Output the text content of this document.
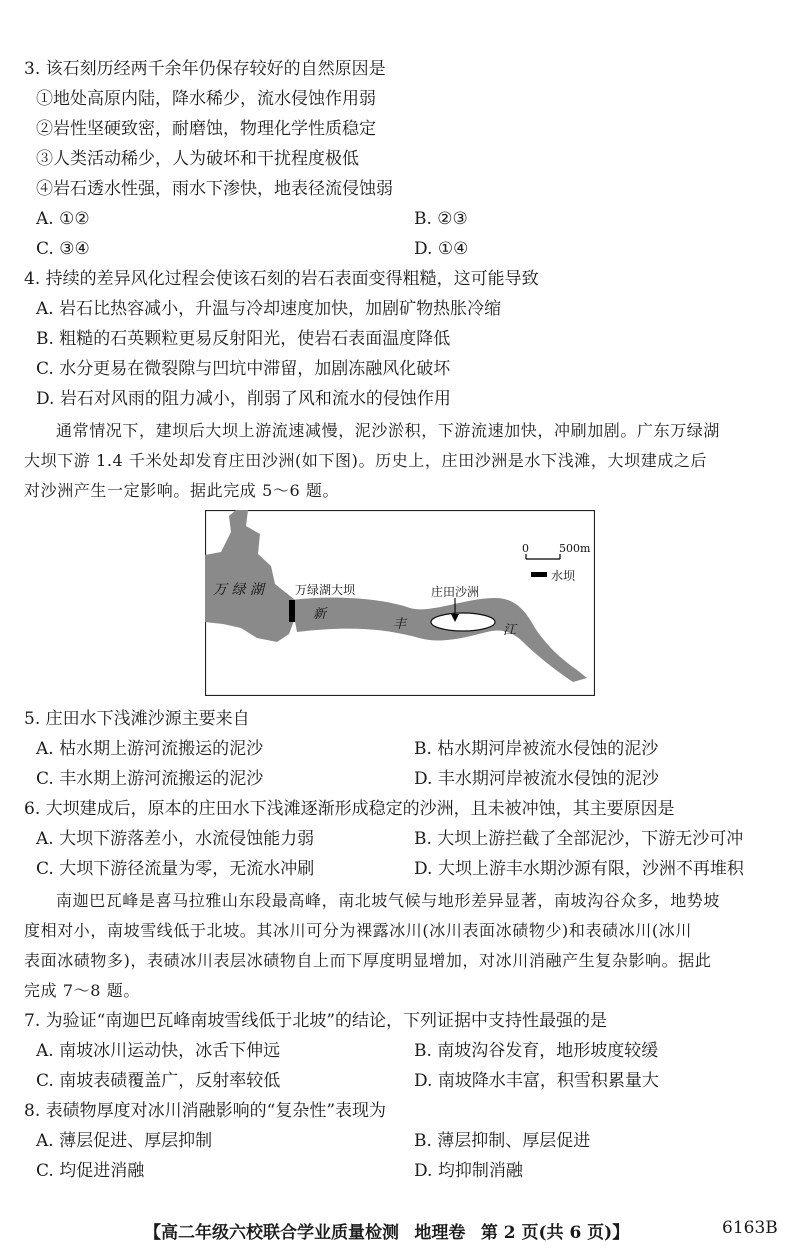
3. 该石刻历经两千余年仍保存较好的自然原因是
①地处高原内陆，降水稀少，流水侵蚀作用弱
②岩性坚硬致密，耐磨蚀，物理化学性质稳定
③人类活动稀少，人为破坏和干扰程度极低
④岩石透水性强，雨水下渗快，地表径流侵蚀弱
A. ①②	B. ②③
C. ③④	D. ①④
4. 持续的差异风化过程会使该石刻的岩石表面变得粗糙，这可能导致
A. 岩石比热容减小，升温与冷却速度加快，加剧矿物热胀冷缩
B. 粗糙的石英颗粒更易反射阳光，使岩石表面温度降低
C. 水分更易在微裂隙与凹坑中滞留，加剧冻融风化破坏
D. 岩石对风雨的阻力减小，削弱了风和流水的侵蚀作用
通常情况下，建坝后大坝上游流速减慢，泥沙淤积，下游流速加快，冲刷加剧。广东万绿湖
大坝下游 1.4 千米处却发育庄田沙洲(如下图)。历史上，庄田沙洲是水下浅滩，大坝建成之后
对沙洲产生一定影响。据此完成 5～6 题。
万 绿 湖	万绿湖大坝	庄田沙洲
新
丰	江
0	500m
水坝
5. 庄田水下浅滩沙源主要来自
A. 枯水期上游河流搬运的泥沙	B. 枯水期河岸被流水侵蚀的泥沙
C. 丰水期上游河流搬运的泥沙	D. 丰水期河岸被流水侵蚀的泥沙
6. 大坝建成后，原本的庄田水下浅滩逐渐形成稳定的沙洲，且未被冲蚀，其主要原因是
A. 大坝下游落差小，水流侵蚀能力弱	B. 大坝上游拦截了全部泥沙，下游无沙可冲
C. 大坝下游径流量为零，无流水冲刷	D. 大坝上游丰水期沙源有限，沙洲不再堆积
南迦巴瓦峰是喜马拉雅山东段最高峰，南北坡气候与地形差异显著，南坡沟谷众多，地势坡
度相对小，南坡雪线低于北坡。其冰川可分为裸露冰川(冰川表面冰碛物少)和表碛冰川(冰川
表面冰碛物多)，表碛冰川表层冰碛物自上而下厚度明显增加，对冰川消融产生复杂影响。据此
完成 7～8 题。
7. 为验证“南迦巴瓦峰南坡雪线低于北坡”的结论，下列证据中支持性最强的是
A. 南坡冰川运动快，冰舌下伸远	B. 南坡沟谷发育，地形坡度较缓
C. 南坡表碛覆盖广，反射率较低	D. 南坡降水丰富，积雪积累量大
8. 表碛物厚度对冰川消融影响的“复杂性”表现为
A. 薄层促进、厚层抑制	B. 薄层抑制、厚层促进
C. 均促进消融	D. 均抑制消融
【高二年级六校联合学业质量检测 地理卷 第 2 页(共 6 页)】	6163B
